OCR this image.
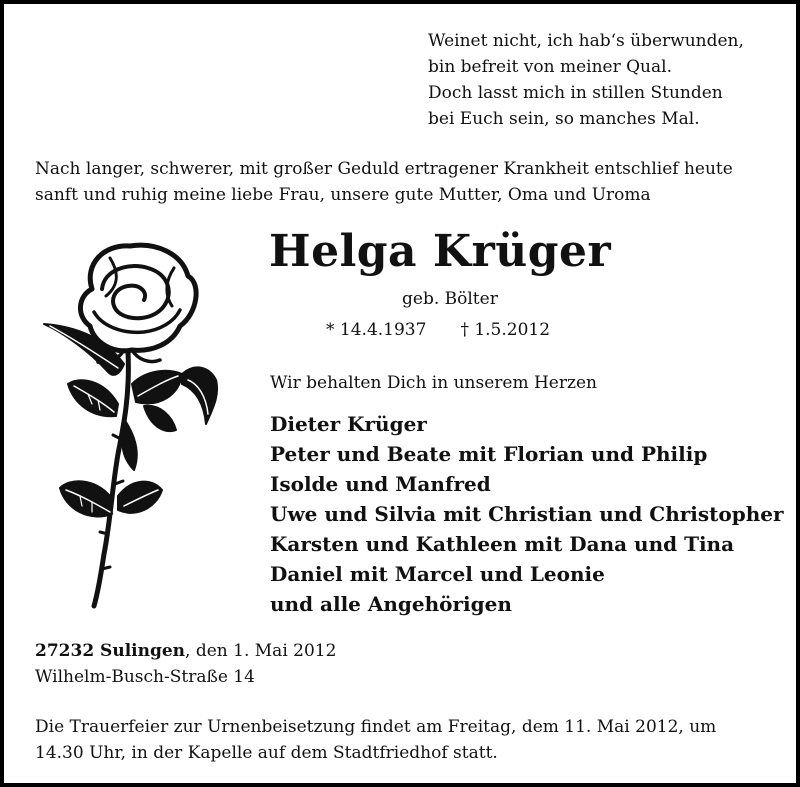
Weinet nicht, ich hab‘s überwunden,
bin befreit von meiner Qual.
Doch lasst mich in stillen Stunden
bei Euch sein, so manches Mal.
Nach langer, schwerer, mit großer Geduld ertragener Krankheit entschlief heute
sanft und ruhig meine liebe Frau, unsere gute Mutter, Oma und Uroma
Helga Krüger
geb. Bölter
* 14.4.1937 † 1.5.2012
Wir behalten Dich in unserem Herzen
Dieter Krüger
Peter und Beate mit Florian und Philip
Isolde und Manfred
Uwe und Silvia mit Christian und Christopher
Karsten und Kathleen mit Dana und Tina
Daniel mit Marcel und Leonie
und alle Angehörigen
27232 Sulingen, den 1. Mai 2012
Wilhelm-Busch-Straße 14
Die Trauerfeier zur Urnenbeisetzung findet am Freitag, dem 11. Mai 2012, um
14.30 Uhr, in der Kapelle auf dem Stadtfriedhof statt.
